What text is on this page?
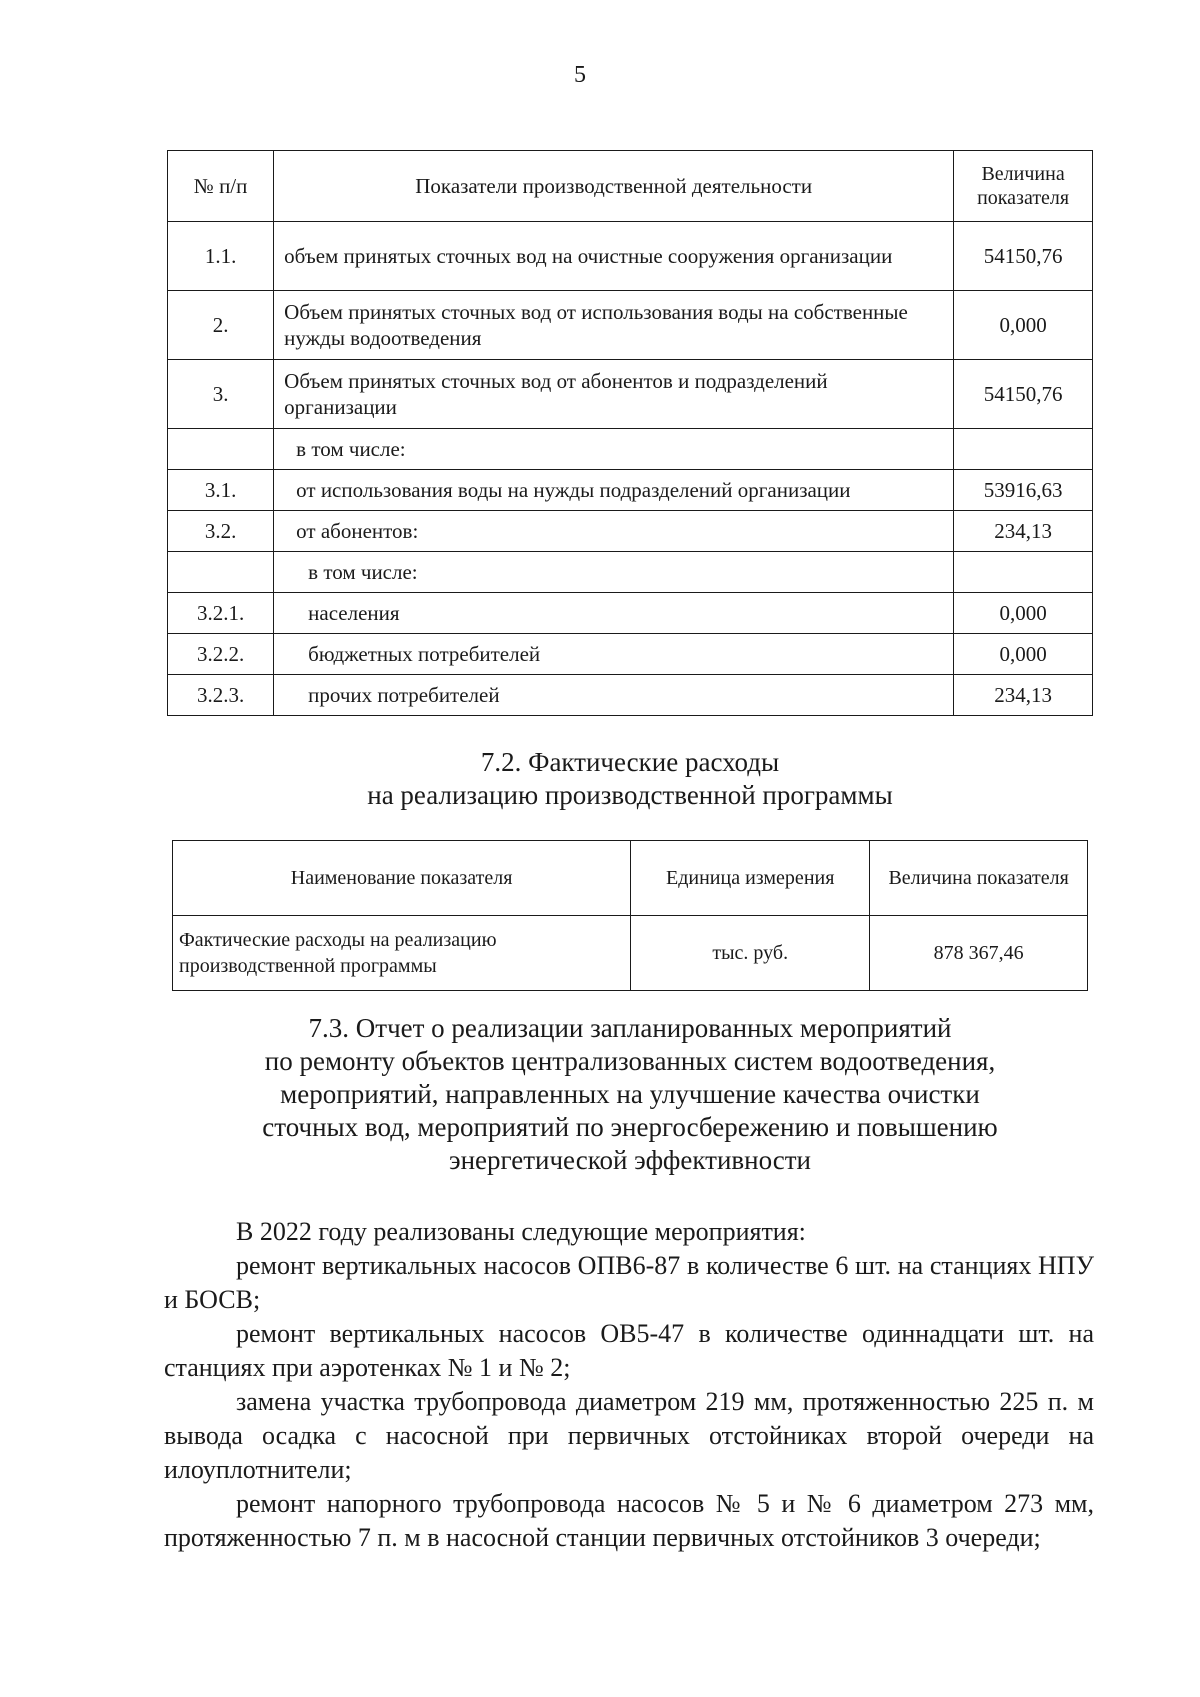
5
№ п/п	Показатели производственной деятельности	Величина показателя
1.1.	объем принятых сточных вод на очистные сооружения организации	54150,76
2.	Объем принятых сточных вод от использования воды на собственные нужды водоотведения	0,000
3.	Объем принятых сточных вод от абонентов и подразделений организации	54150,76
	в том числе:	
3.1.	от использования воды на нужды подразделений организации	53916,63
3.2.	от абонентов:	234,13
	в том числе:	
3.2.1.	населения	0,000
3.2.2.	бюджетных потребителей	0,000
3.2.3.	прочих потребителей	234,13
7.2. Фактические расходы
на реализацию производственной программы
Наименование показателя	Единица измерения	Величина показателя
Фактические расходы на реализацию производственной программы	тыс. руб.	878 367,46
7.3. Отчет о реализации запланированных мероприятий
по ремонту объектов централизованных систем водоотведения,
мероприятий, направленных на улучшение качества очистки
сточных вод, мероприятий по энергосбережению и повышению
энергетической эффективности
В 2022 году реализованы следующие мероприятия:
ремонт вертикальных насосов ОПВ6-87 в количестве 6 шт. на станциях НПУ и БОСВ;
ремонт вертикальных насосов ОВ5-47 в количестве одиннадцати шт. на станциях при аэротенках № 1 и № 2;
замена участка трубопровода диаметром 219 мм, протяженностью 225 п. м вывода осадка с насосной при первичных отстойниках второй очереди на илоуплотнители;
ремонт напорного трубопровода насосов № 5 и № 6 диаметром 273 мм, протяженностью 7 п. м в насосной станции первичных отстойников 3 очереди;
